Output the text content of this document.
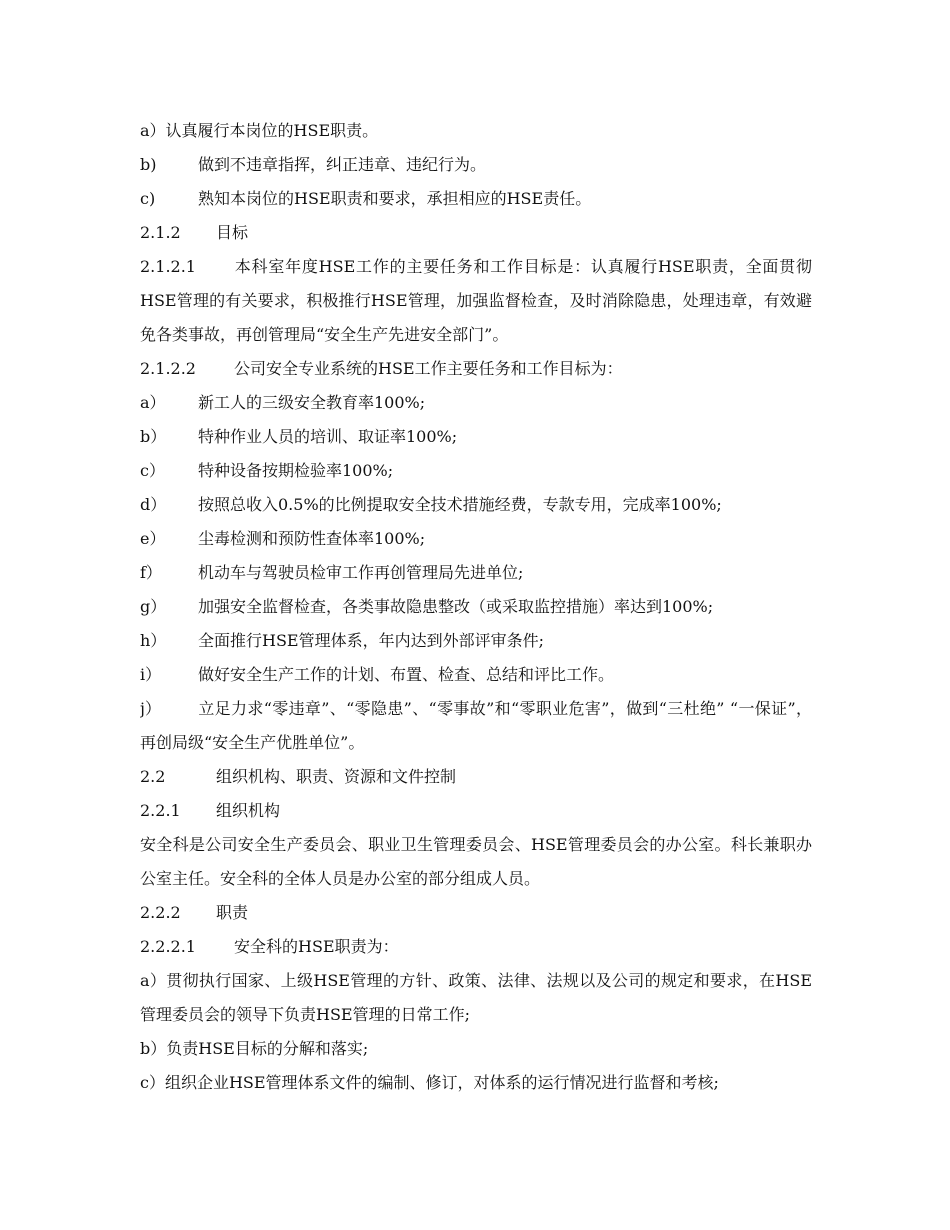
a）认真履行本岗位的HSE职责。
b)	做到不违章指挥，纠正违章、违纪行为。
c)	熟知本岗位的HSE职责和要求，承担相应的HSE责任。
2.1.2 目标
2.1.2.1 本科室年度HSE工作的主要任务和工作目标是：认真履行HSE职责，全面贯彻HSE管理的有关要求，积极推行HSE管理，加强监督检查，及时消除隐患，处理违章，有效避免各类事故，再创管理局“安全生产先进安全部门”。
2.1.2.2 公司安全专业系统的HSE工作主要任务和工作目标为：
a） 新工人的三级安全教育率100%;
b） 特种作业人员的培训、取证率100%;
c） 特种设备按期检验率100%;
d） 按照总收入0.5%的比例提取安全技术措施经费，专款专用，完成率100%;
e） 尘毒检测和预防性查体率100%;
f） 机动车与驾驶员检审工作再创管理局先进单位;
g） 加强安全监督检查，各类事故隐患整改（或采取监控措施）率达到100%;
h） 全面推行HSE管理体系，年内达到外部评审条件;
i） 做好安全生产工作的计划、布置、检查、总结和评比工作。
j） 立足力求“零违章”、“零隐患”、“零事故”和“零职业危害”，做到“三杜绝” “一保证”，再创局级“安全生产优胜单位”。
2.2	组织机构、职责、资源和文件控制
2.2.1 组织机构
安全科是公司安全生产委员会、职业卫生管理委员会、HSE管理委员会的办公室。科长兼职办公室主任。安全科的全体人员是办公室的部分组成人员。
2.2.2 职责
2.2.2.1 安全科的HSE职责为：
a）贯彻执行国家、上级HSE管理的方针、政策、法律、法规以及公司的规定和要求，在HSE管理委员会的领导下负责HSE管理的日常工作;
b）负责HSE目标的分解和落实;
c）组织企业HSE管理体系文件的编制、修订，对体系的运行情况进行监督和考核;
